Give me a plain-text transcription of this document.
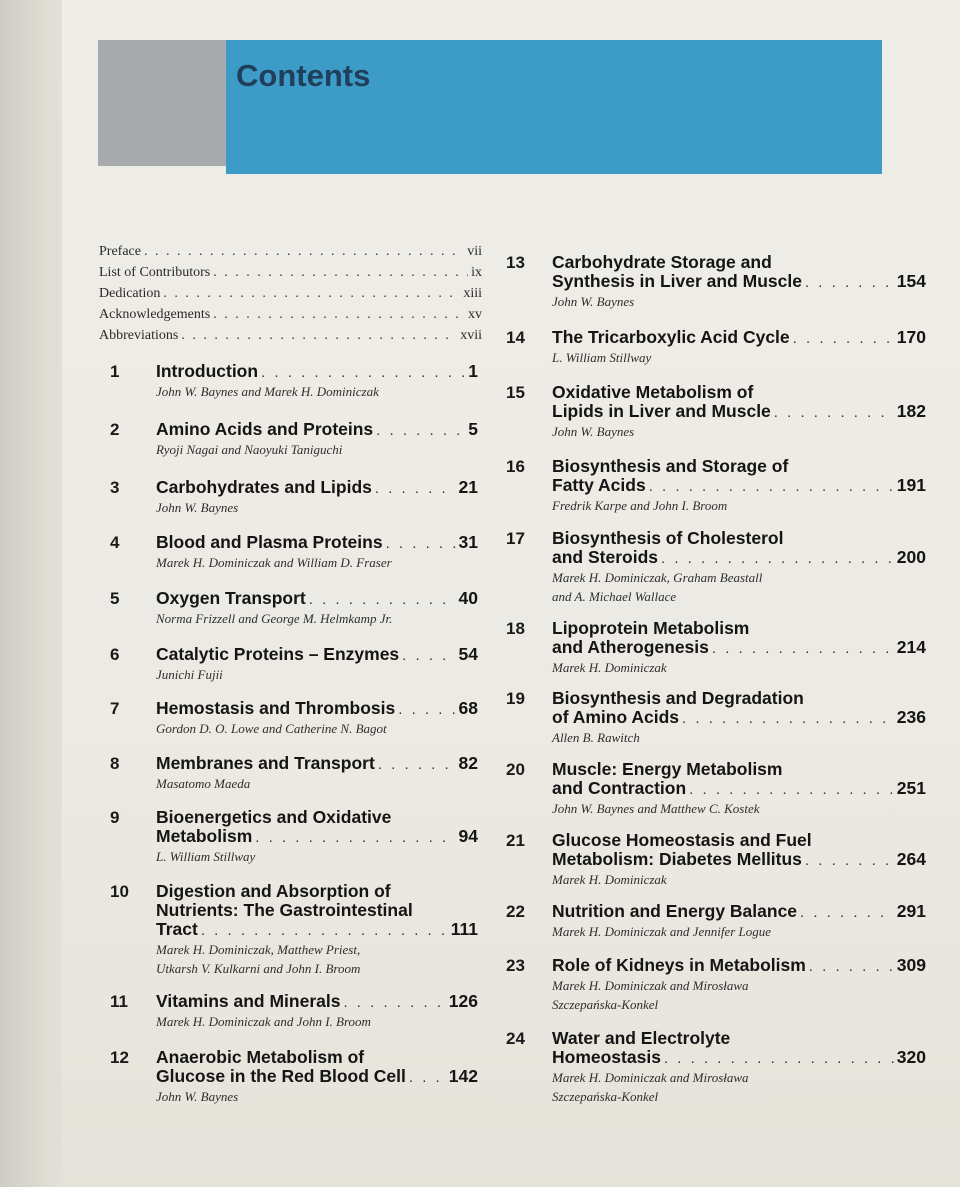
Contents
Preface . . .	vii
List of Contributors . . .	ix
Dedication . . .	xiii
Acknowledgements . . .	xv
Abbreviations . . .	xvii
1 Introduction . . .	1
John W. Baynes and Marek H. Dominiczak
2 Amino Acids and Proteins . . .	5
Ryoji Nagai and Naoyuki Taniguchi
3 Carbohydrates and Lipids . . .	21
John W. Baynes
4 Blood and Plasma Proteins . . .	31
Marek H. Dominiczak and William D. Fraser
5 Oxygen Transport . . .	40
Norma Frizzell and George M. Helmkamp Jr.
6 Catalytic Proteins – Enzymes . . .	54
Junichi Fujii
7 Hemostasis and Thrombosis . . .	68
Gordon D. O. Lowe and Catherine N. Bagot
8 Membranes and Transport . . .	82
Masatomo Maeda
9 Bioenergetics and Oxidative
Metabolism . . .	94
L. William Stillway
10 Digestion and Absorption of
Nutrients: The Gastrointestinal
Tract . . .	111
Marek H. Dominiczak, Matthew Priest,
Utkarsh V. Kulkarni and John I. Broom
11 Vitamins and Minerals . . .	126
Marek H. Dominiczak and John I. Broom
12 Anaerobic Metabolism of
Glucose in the Red Blood Cell . . . 142
John W. Baynes
13 Carbohydrate Storage and
Synthesis in Liver and Muscle . . .	154
John W. Baynes
14 The Tricarboxylic Acid Cycle . . .	170
L. William Stillway
15 Oxidative Metabolism of
Lipids in Liver and Muscle . . .	182
John W. Baynes
16 Biosynthesis and Storage of
Fatty Acids . . .	191
Fredrik Karpe and John I. Broom
17 Biosynthesis of Cholesterol
and Steroids . . .	200
Marek H. Dominiczak, Graham Beastall
and A. Michael Wallace
18 Lipoprotein Metabolism
and Atherogenesis . . .	214
Marek H. Dominiczak
19 Biosynthesis and Degradation
of Amino Acids . . .	236
Allen B. Rawitch
20 Muscle: Energy Metabolism
and Contraction . . .	251
John W. Baynes and Matthew C. Kostek
21 Glucose Homeostasis and Fuel
Metabolism: Diabetes Mellitus . . .	264
Marek H. Dominiczak
22 Nutrition and Energy Balance . . .	291
Marek H. Dominiczak and Jennifer Logue
23 Role of Kidneys in Metabolism . . .	309
Marek H. Dominiczak and Mirosława
Szczepańska-Konkel
24 Water and Electrolyte
Homeostasis . . .	320
Marek H. Dominiczak and Mirosława
Szczepańska-Konkel
